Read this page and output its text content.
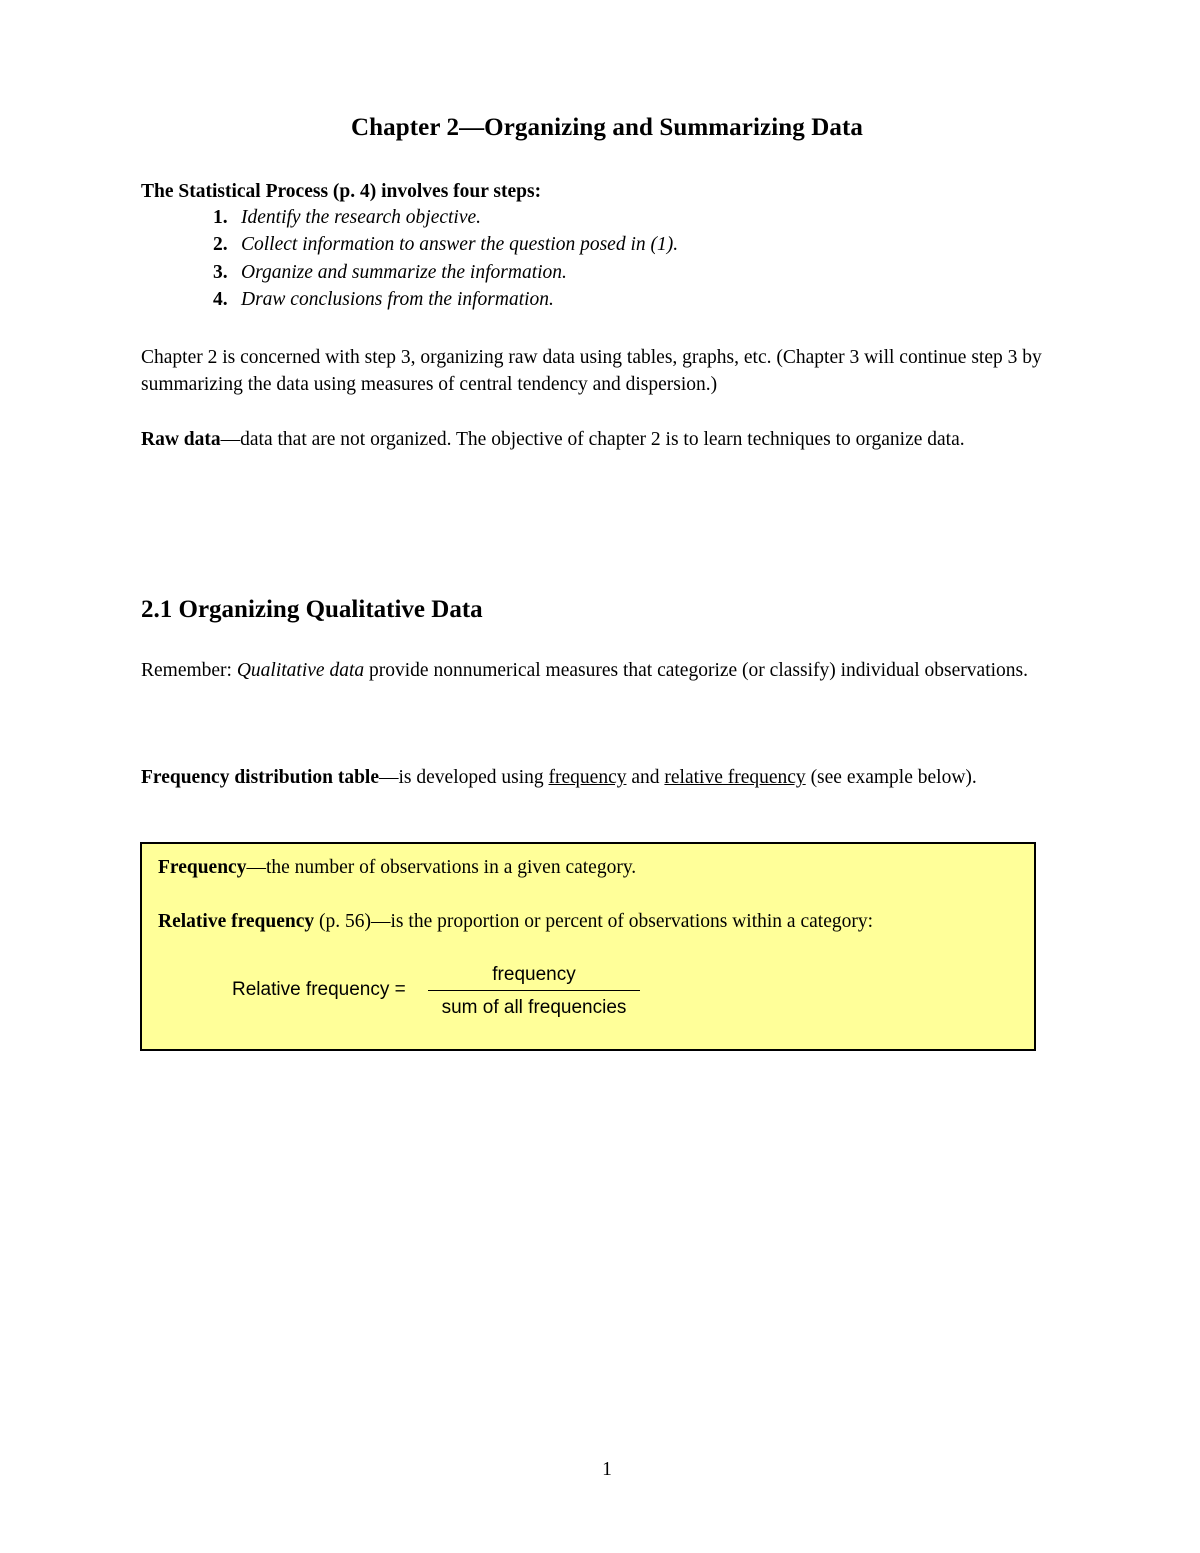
Chapter 2—Organizing and Summarizing Data
The Statistical Process (p. 4) involves four steps:
1. Identify the research objective.
2. Collect information to answer the question posed in (1).
3. Organize and summarize the information.
4. Draw conclusions from the information.
Chapter 2 is concerned with step 3, organizing raw data using tables, graphs, etc. (Chapter 3 will continue step 3 by summarizing the data using measures of central tendency and dispersion.)
Raw data—data that are not organized. The objective of chapter 2 is to learn techniques to organize data.
2.1 Organizing Qualitative Data
Remember: Qualitative data provide nonnumerical measures that categorize (or classify) individual observations.
Frequency distribution table—is developed using frequency and relative frequency (see example below).
Frequency—the number of observations in a given category.
Relative frequency (p. 56)—is the proportion or percent of observations within a category:
Relative frequency =
frequency
sum of all frequencies
1
